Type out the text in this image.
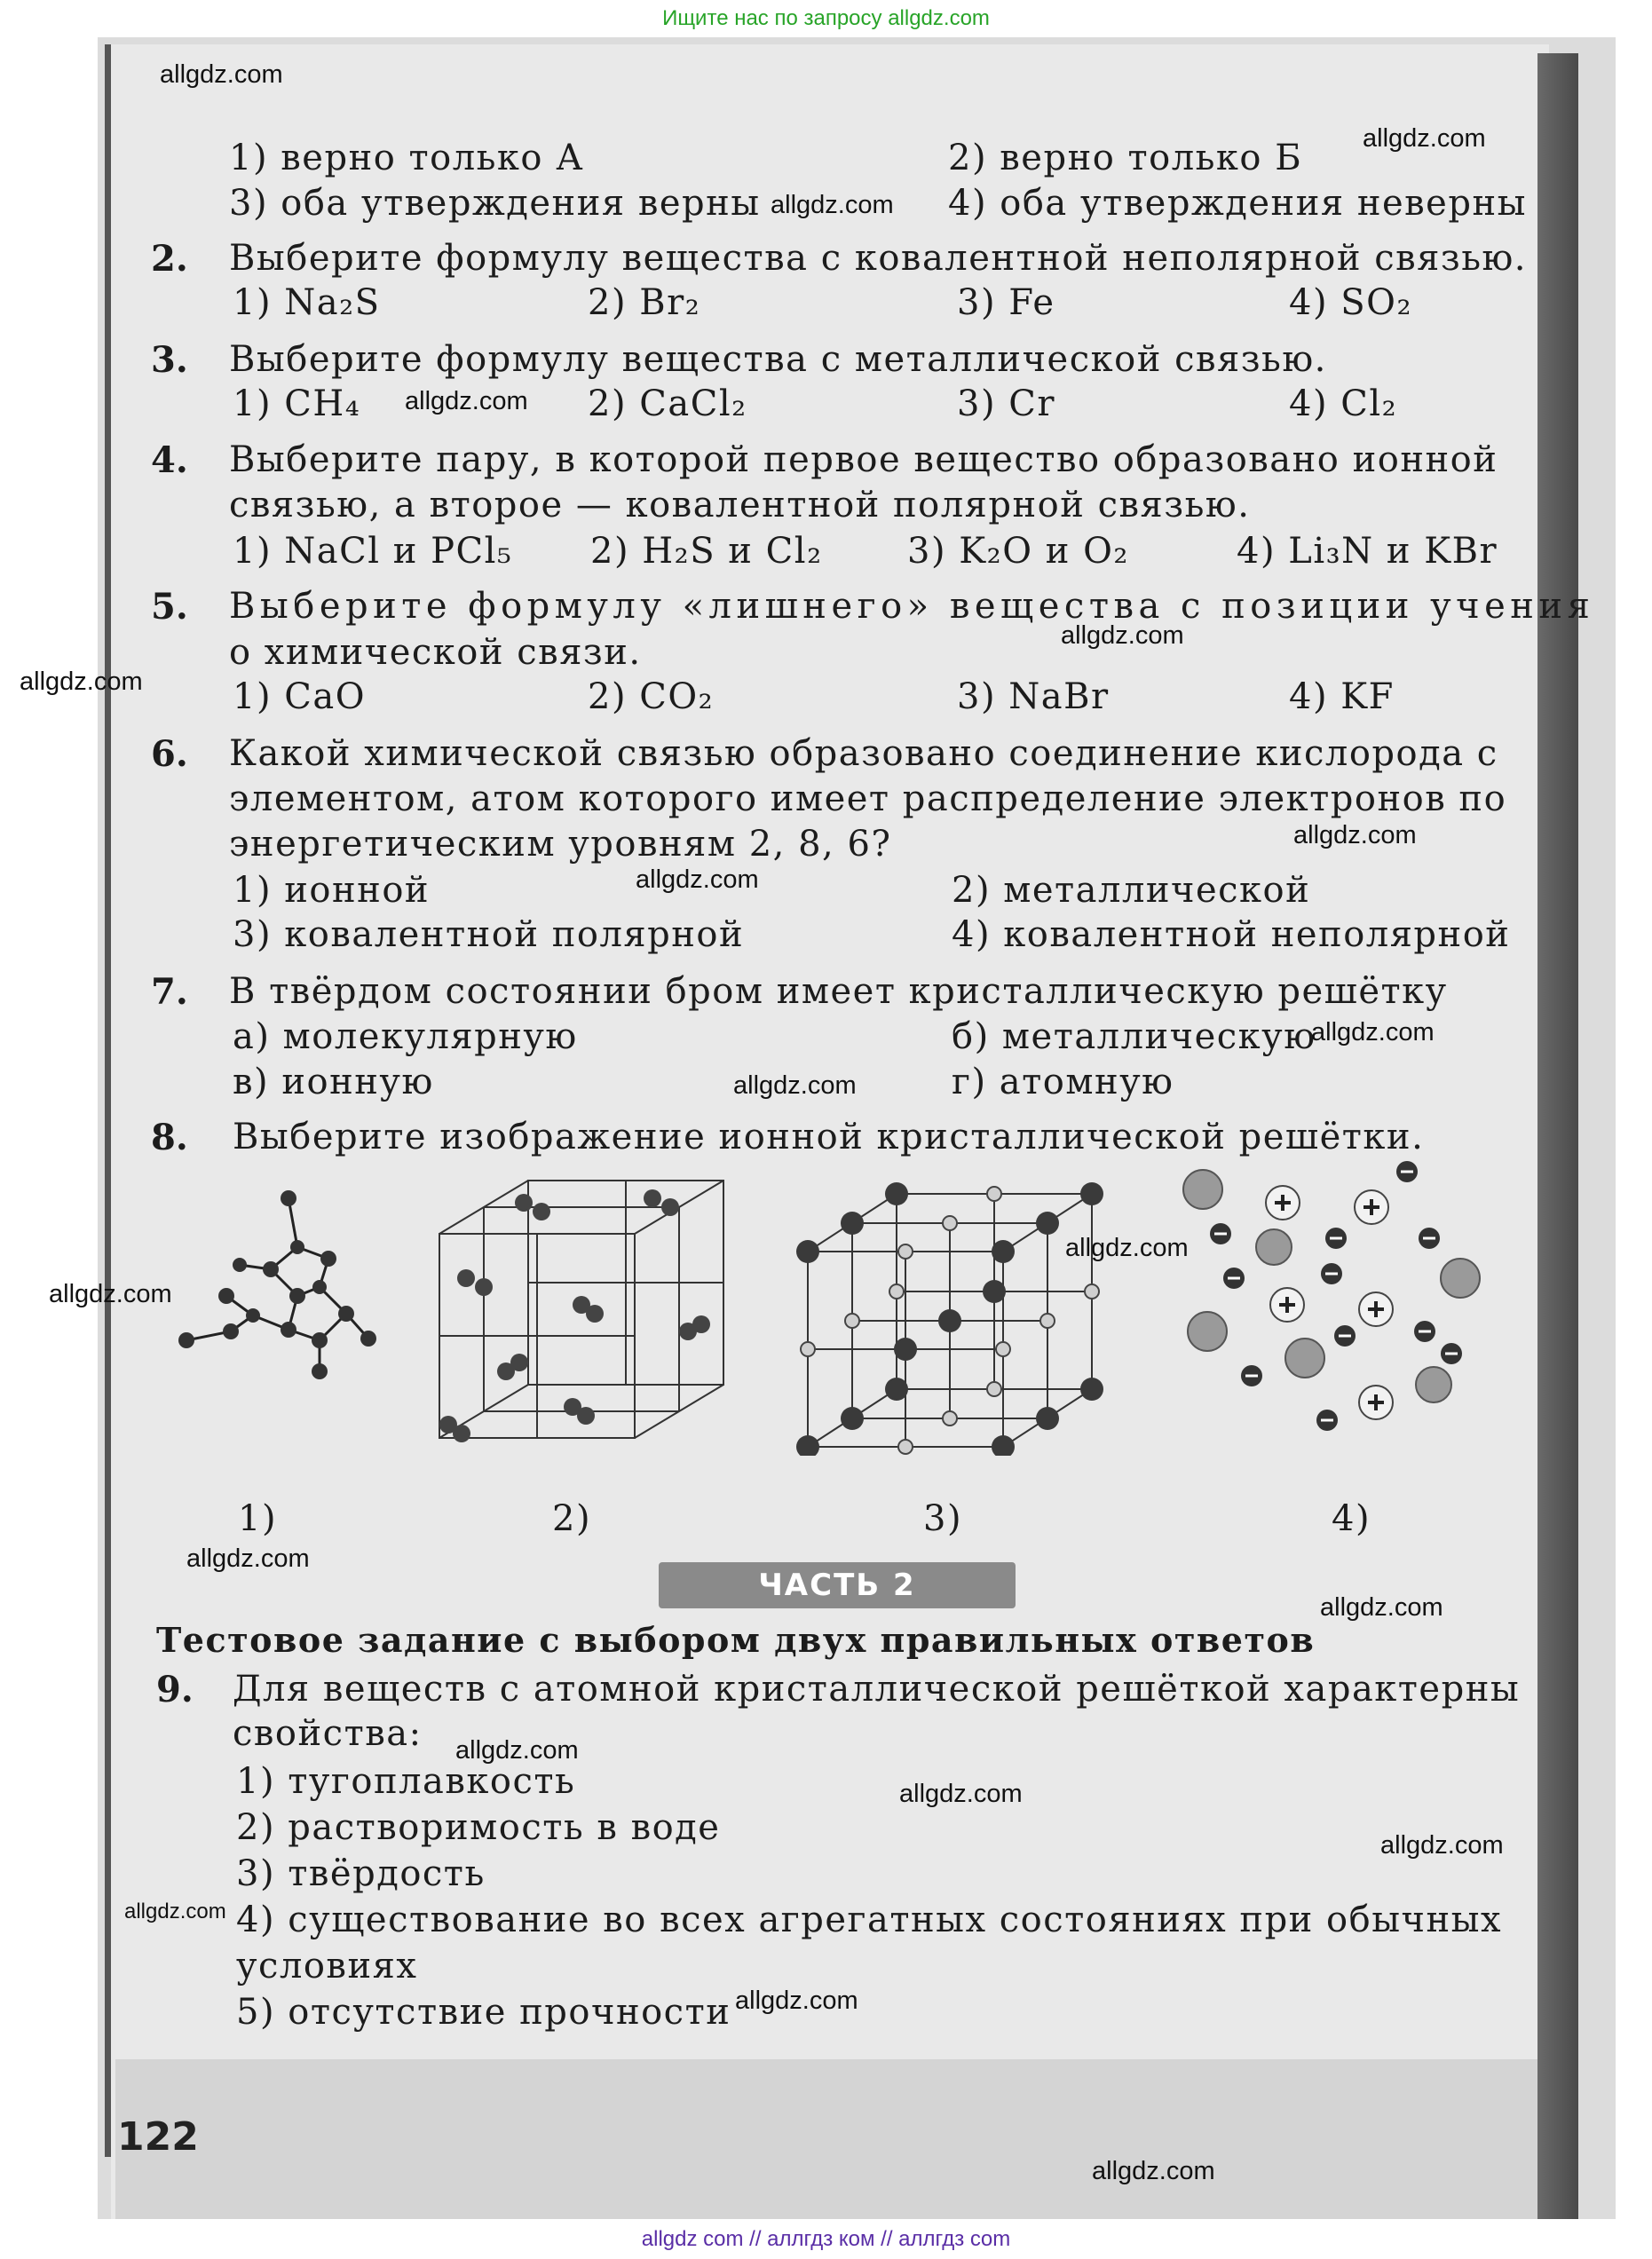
Ищите нас по запросу allgdz.com
1) верно только А	2) верно только Б
3) оба утверждения верны	4) оба утверждения неверны
2. Выберите формулу вещества с ковалентной неполярной связью.
1) Na₂S	2) Br₂	3) Fe	4) SO₂
3. Выберите формулу вещества с металлической связью.
1) CH₄	2) CaCl₂	3) Cr	4) Cl₂
4. Выберите пару, в которой первое вещество образовано ионной
связью, а второе — ковалентной полярной связью.
1) NaCl и PCl₅ 2) H₂S и Cl₂ 3) K₂O и O₂	4) Li₃N и KBr
5. Выберите формулу «лишнего» вещества с позиции учения
о химической связи.
1) CaO	2) CO₂	3) NaBr	4) KF
6. Какой химической связью образовано соединение кислорода с
элементом, атом которого имеет распределение электронов по
энергетическим уровням 2, 8, 6?
1) ионной	2) металлической
3) ковалентной полярной	4) ковалентной неполярной
7. В твёрдом состоянии бром имеет кристаллическую решётку
а) молекулярную	б) металлическую
в) ионную	г) атомную
8. Выберите изображение ионной кристаллической решётки.
1)	2)	3)	4)
ЧАСТЬ 2
Тестовое задание с выбором двух правильных ответов
9. Для веществ с атомной кристаллической решёткой характерны
свойства:
1) тугоплавкость
2) растворимость в воде
3) твёрдость
4) существование во всех агрегатных состояниях при обычных
условиях
5) отсутствие прочности
122
allgdz.com
allgdz.com
allgdz.com
allgdz.com
allgdz.com
allgdz.com
allgdz.com
allgdz.com
allgdz.com
allgdz.com
allgdz.com
allgdz.com
allgdz.com
allgdz.com
allgdz.com
allgdz.com
allgdz.com
allgdz.com
allgdz.com
allgdz.com
allgdz com // аллгдз ком // аллгдз com
